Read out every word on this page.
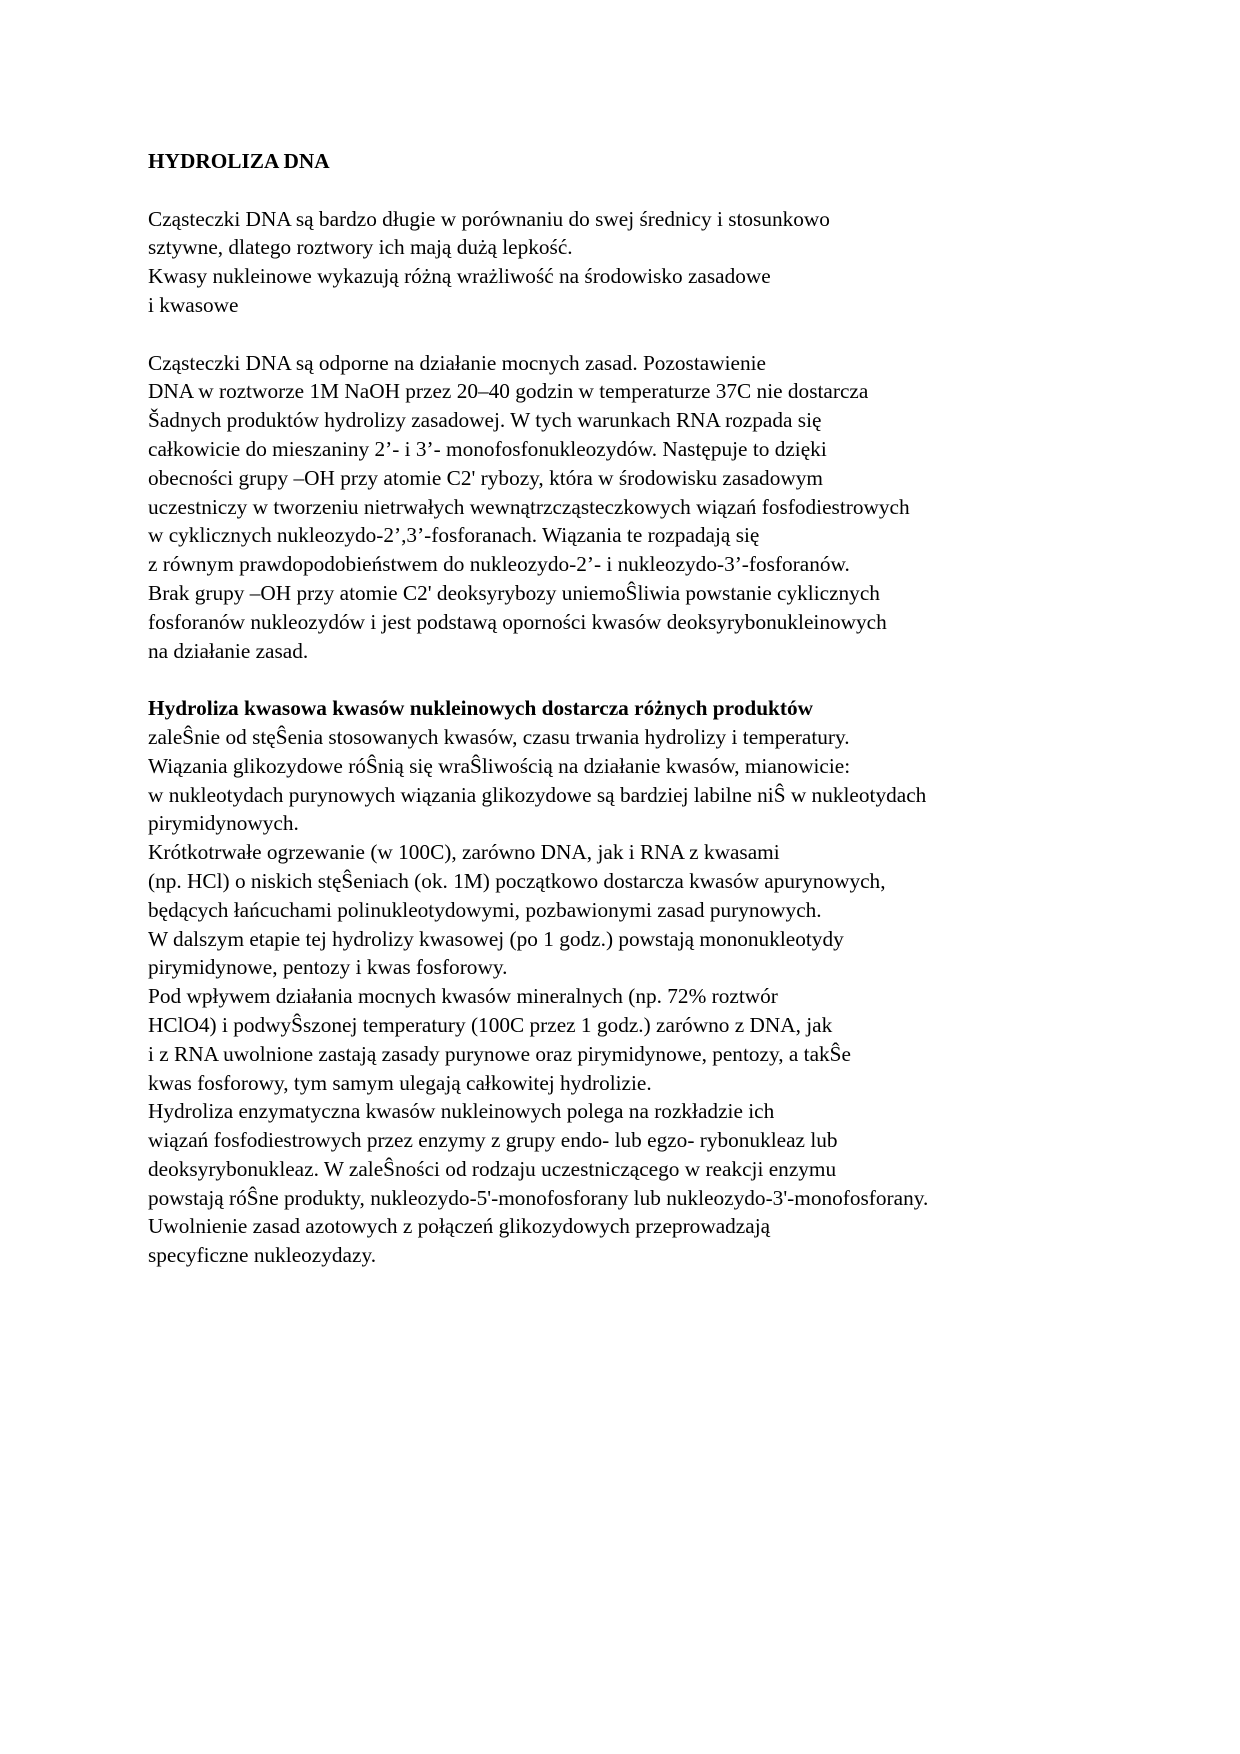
HYDROLIZA DNA
Cząsteczki DNA są bardzo długie w porównaniu do swej średnicy i stosunkowo
sztywne, dlatego roztwory ich mają dużą lepkość.
Kwasy nukleinowe wykazują różną wrażliwość na środowisko zasadowe
i kwasowe
Cząsteczki DNA są odporne na działanie mocnych zasad. Pozostawienie
DNA w roztworze 1M NaOH przez 20–40 godzin w temperaturze 37C nie dostarcza
Šadnych produktów hydrolizy zasadowej. W tych warunkach RNA rozpada się
całkowicie do mieszaniny 2’- i 3’- monofosfonukleozydów. Następuje to dzięki
obecności grupy –OH przy atomie C2' rybozy, która w środowisku zasadowym
uczestniczy w tworzeniu nietrwałych wewnątrzcząsteczkowych wiązań fosfodiestrowych
w cyklicznych nukleozydo-2’,3’-fosforanach. Wiązania te rozpadają się
z równym prawdopodobieństwem do nukleozydo-2’- i nukleozydo-3’-fosforanów.
Brak grupy –OH przy atomie C2' deoksyrybozy uniemoŜliwia powstanie cyklicznych
fosforanów nukleozydów i jest podstawą oporności kwasów deoksyrybonukleinowych
na działanie zasad.
Hydroliza kwasowa kwasów nukleinowych dostarcza różnych produktów
zaleŜnie od stęŜenia stosowanych kwasów, czasu trwania hydrolizy i temperatury.
Wiązania glikozydowe róŜnią się wraŜliwością na działanie kwasów, mianowicie:
w nukleotydach purynowych wiązania glikozydowe są bardziej labilne niŜ w nukleotydach
pirymidynowych.
Krótkotrwałe ogrzewanie (w 100C), zarówno DNA, jak i RNA z kwasami
(np. HCl) o niskich stęŜeniach (ok. 1M) początkowo dostarcza kwasów apurynowych,
będących łańcuchami polinukleotydowymi, pozbawionymi zasad purynowych.
W dalszym etapie tej hydrolizy kwasowej (po 1 godz.) powstają mononukleotydy
pirymidynowe, pentozy i kwas fosforowy.
Pod wpływem działania mocnych kwasów mineralnych (np. 72% roztwór
HClO4) i podwyŜszonej temperatury (100C przez 1 godz.) zarówno z DNA, jak
i z RNA uwolnione zastają zasady purynowe oraz pirymidynowe, pentozy, a takŜe
kwas fosforowy, tym samym ulegają całkowitej hydrolizie.
Hydroliza enzymatyczna kwasów nukleinowych polega na rozkładzie ich
wiązań fosfodiestrowych przez enzymy z grupy endo- lub egzo- rybonukleaz lub
deoksyrybonukleaz. W zaleŜności od rodzaju uczestniczącego w reakcji enzymu
powstają róŜne produkty, nukleozydo-5'-monofosforany lub nukleozydo-3'-monofosforany.
Uwolnienie zasad azotowych z połączeń glikozydowych przeprowadzają
specyficzne nukleozydazy.
